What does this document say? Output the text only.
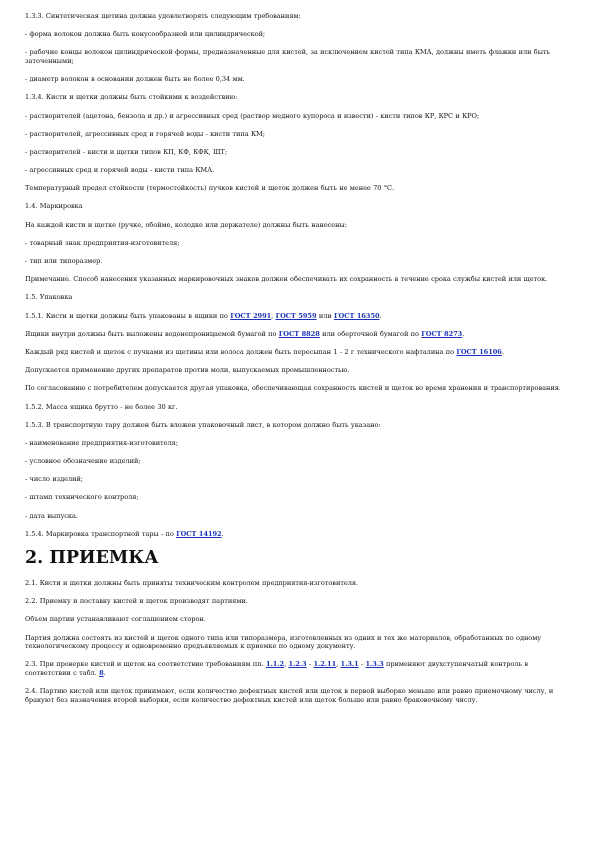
1.3.3. Синтетическая щетина должна удовлетворять следующим требованиям:
- форма волокон должна быть конусообразной или цилиндрической;
- рабочие концы волокон цилиндрической формы, предназначенные для кистей, за исключением кистей типа КМА, должны иметь флажки или быть заточенными;
- диаметр волокон в основании должен быть не более 0,34 мм.
1.3.4. Кисти и щетки должны быть стойкими к воздействию:
- растворителей (ацетона, бензола и др.) и агрессивных сред (раствор медного купороса и извести) - кисти типов КР, КРС и КРО;
- растворителей, агрессивных сред и горячей воды - кисти типа КМ;
- растворителей - кисти и щетки типов КП, КФ, КФК, ЩТ;
- агрессивных сред и горячей воды - кисти типа КМА.
Температурный предел стойкости (термостойкость) пучков кистей и щеток должен быть не менее 70 °С.
1.4. Маркировка
На каждой кисти и щетке (ручке, обойме, колодке или держателе) должны быть нанесены:
- товарный знак предприятия-изготовителя;
- тип или типоразмер.
Примечание. Способ нанесения указанных маркировочных знаков должен обеспечивать их сохранность в течение срока службы кистей или щеток.
1.5. Упаковка
1.5.1. Кисти и щетки должны быть упакованы в ящики по ГОСТ 2991, ГОСТ 5959 или ГОСТ 16350.
Ящики внутри должны быть выложены водонепроницаемой бумагой по ГОСТ 8828 или оберточной бумагой по ГОСТ 8273.
Каждый ряд кистей и щеток с пучками из щетины или волоса должен быть пересыпан 1 - 2 г технического нафталина по ГОСТ 16106.
Допускается применение других препаратов против моли, выпускаемых промышленностью.
По согласованию с потребителем допускается другая упаковка, обеспечивающая сохранность кистей и щеток во время хранения и транспортирования.
1.5.2. Масса ящика брутто - не более 30 кг.
1.5.3. В транспортную тару должен быть вложен упаковочный лист, в котором должно быть указано:
- наименование предприятия-изготовителя;
- условное обозначение изделий;
- число изделий;
- штамп технического контроля;
- дата выпуска.
1.5.4. Маркировка транспортной тары - по ГОСТ 14192.
2. ПРИЕМКА
2.1. Кисти и щетки должны быть приняты техническим контролем предприятия-изготовителя.
2.2. Приемку и поставку кистей и щеток производят партиями.
Объем партии устанавливают соглашением сторон.
Партия должна состоять из кистей и щеток одного типа или типоразмера, изготовленных из одних и тех же материалов, обработанных по одному технологическому процессу и одновременно предъявляемых к приемке по одному документу.
2.3. При проверке кистей и щеток на соответствие требованиям пп. 1.1.2, 1.2.3 - 1.2.11, 1.3.1 - 1.3.3 применяют двухступенчатый контроль в соответствии с табл. 8.
2.4. Партию кистей или щеток принимают, если количество дефектных кистей или щеток в первой выборке меньше или равно приемочному числу, и бракуют без назначения второй выборки, если количество дефектных кистей или щеток больше или равно браковочному числу.
